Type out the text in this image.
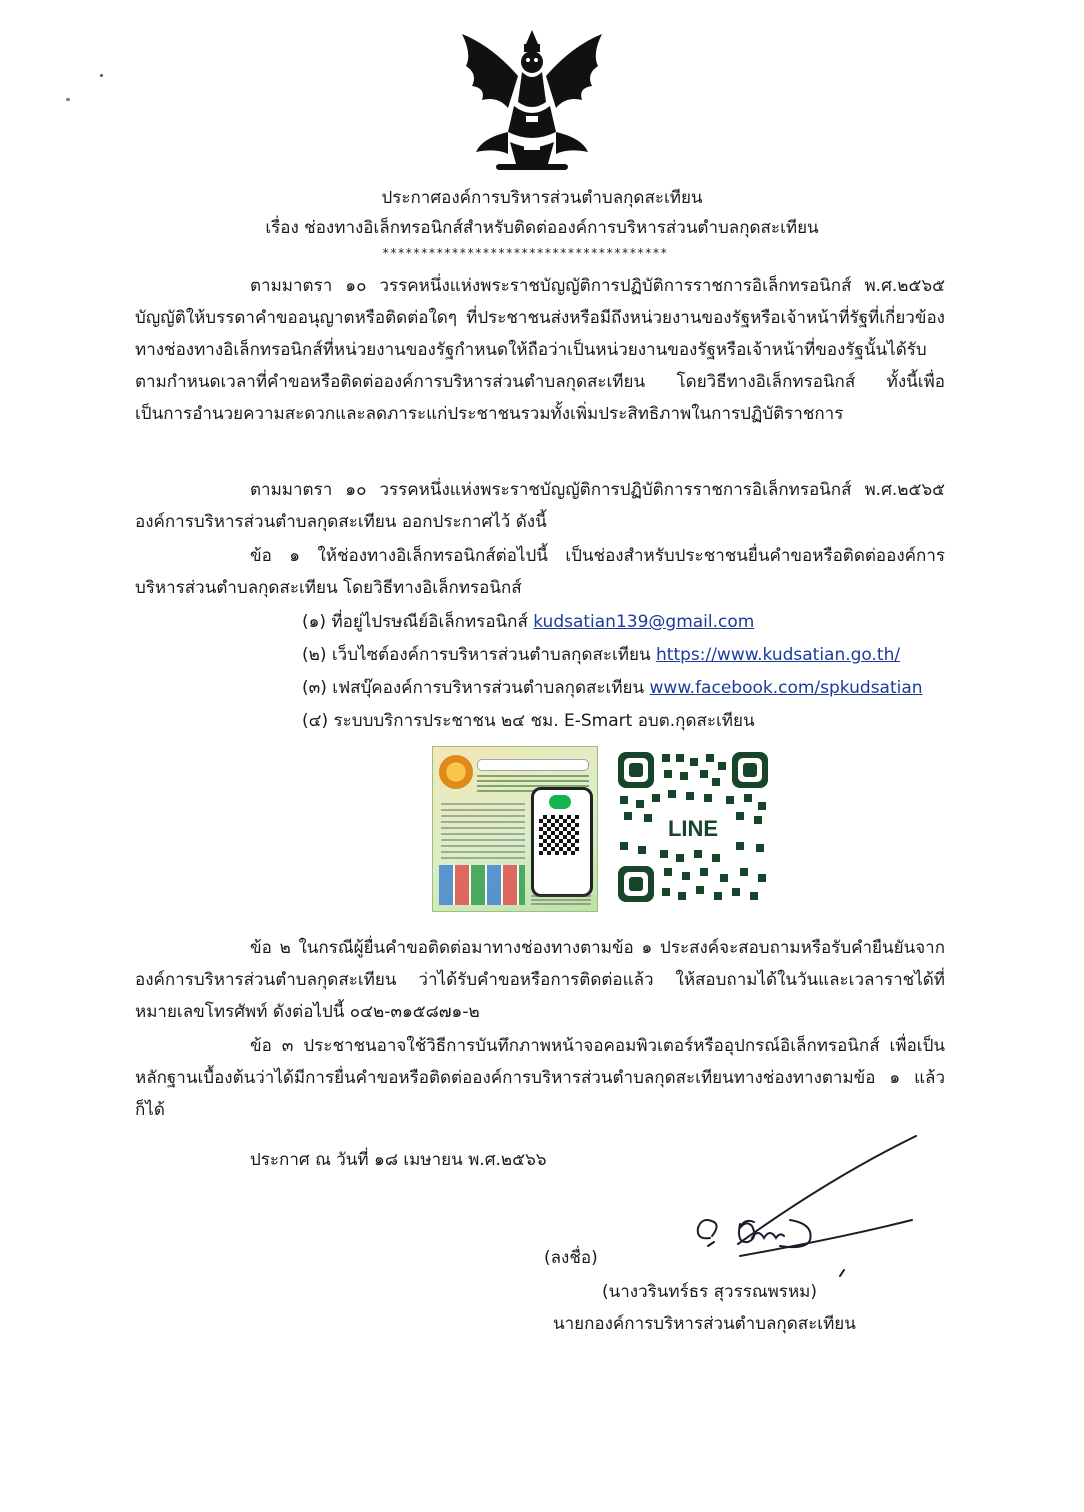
ประกาศองค์การบริหารส่วนตำบลกุดสะเทียน
เรื่อง ช่องทางอิเล็กทรอนิกส์สำหรับติดต่อองค์การบริหารส่วนตำบลกุดสะเทียน
*************************************
ตามมาตรา ๑๐ วรรคหนึ่งแห่งพระราชบัญญัติการปฏิบัติการราชการอิเล็กทรอนิกส์ พ.ศ.๒๕๖๕ บัญญัติให้บรรดาคำขออนุญาตหรือติดต่อใดๆ ที่ประชาชนส่งหรือมีถึงหน่วยงานของรัฐหรือเจ้าหน้าที่รัฐที่เกี่ยวข้องทางช่องทางอิเล็กทรอนิกส์ที่หน่วยงานของรัฐกำหนดให้ถือว่าเป็นหน่วยงานของรัฐหรือเจ้าหน้าที่ของรัฐนั้นได้รับตามกำหนดเวลาที่คำขอหรือติดต่อองค์การบริหารส่วนตำบลกุดสะเทียน โดยวิธีทางอิเล็กทรอนิกส์ ทั้งนี้เพื่อเป็นการอำนวยความสะดวกและลดภาระแก่ประชาชนรวมทั้งเพิ่มประสิทธิภาพในการปฏิบัติราชการ
ตามมาตรา ๑๐ วรรคหนึ่งแห่งพระราชบัญญัติการปฏิบัติการราชการอิเล็กทรอนิกส์ พ.ศ.๒๕๖๕ องค์การบริหารส่วนตำบลกุดสะเทียน ออกประกาศไว้ ดังนี้
ข้อ ๑ ให้ช่องทางอิเล็กทรอนิกส์ต่อไปนี้ เป็นช่องสำหรับประชาชนยื่นคำขอหรือติดต่อองค์การบริหารส่วนตำบลกุดสะเทียน โดยวิธีทางอิเล็กทรอนิกส์
(๑) ที่อยู่ไปรษณีย์อิเล็กทรอนิกส์ kudsatian139@gmail.com
(๒) เว็บไซต์องค์การบริหารส่วนตำบลกุดสะเทียน https://www.kudsatian.go.th/
(๓) เฟสบุ๊คองค์การบริหารส่วนตำบลกุดสะเทียน www.facebook.com/spkudsatian
(๔) ระบบบริการประชาชน ๒๔ ชม. E-Smart อบต.กุดสะเทียน
LINE
ข้อ ๒ ในกรณีผู้ยื่นคำขอติดต่อมาทางช่องทางตามข้อ ๑ ประสงค์จะสอบถามหรือรับคำยืนยันจากองค์การบริหารส่วนตำบลกุดสะเทียน ว่าได้รับคำขอหรือการติดต่อแล้ว ให้สอบถามได้ในวันและเวลาราชได้ที่หมายเลขโทรศัพท์ ดังต่อไปนี้ ๐๔๒-๓๑๕๘๗๑-๒
ข้อ ๓ ประชาชนอาจใช้วิธีการบันทึกภาพหน้าจอคอมพิวเตอร์หรืออุปกรณ์อิเล็กทรอนิกส์ เพื่อเป็นหลักฐานเบื้องต้นว่าได้มีการยื่นคำขอหรือติดต่อองค์การบริหารส่วนตำบลกุดสะเทียนทางช่องทางตามข้อ ๑ แล้วก็ได้
ประกาศ ณ วันที่ ๑๘ เมษายน พ.ศ.๒๕๖๖
(ลงชื่อ)
(นางวรินทร์ธร สุวรรณพรหม)
นายกองค์การบริหารส่วนตำบลกุดสะเทียน
